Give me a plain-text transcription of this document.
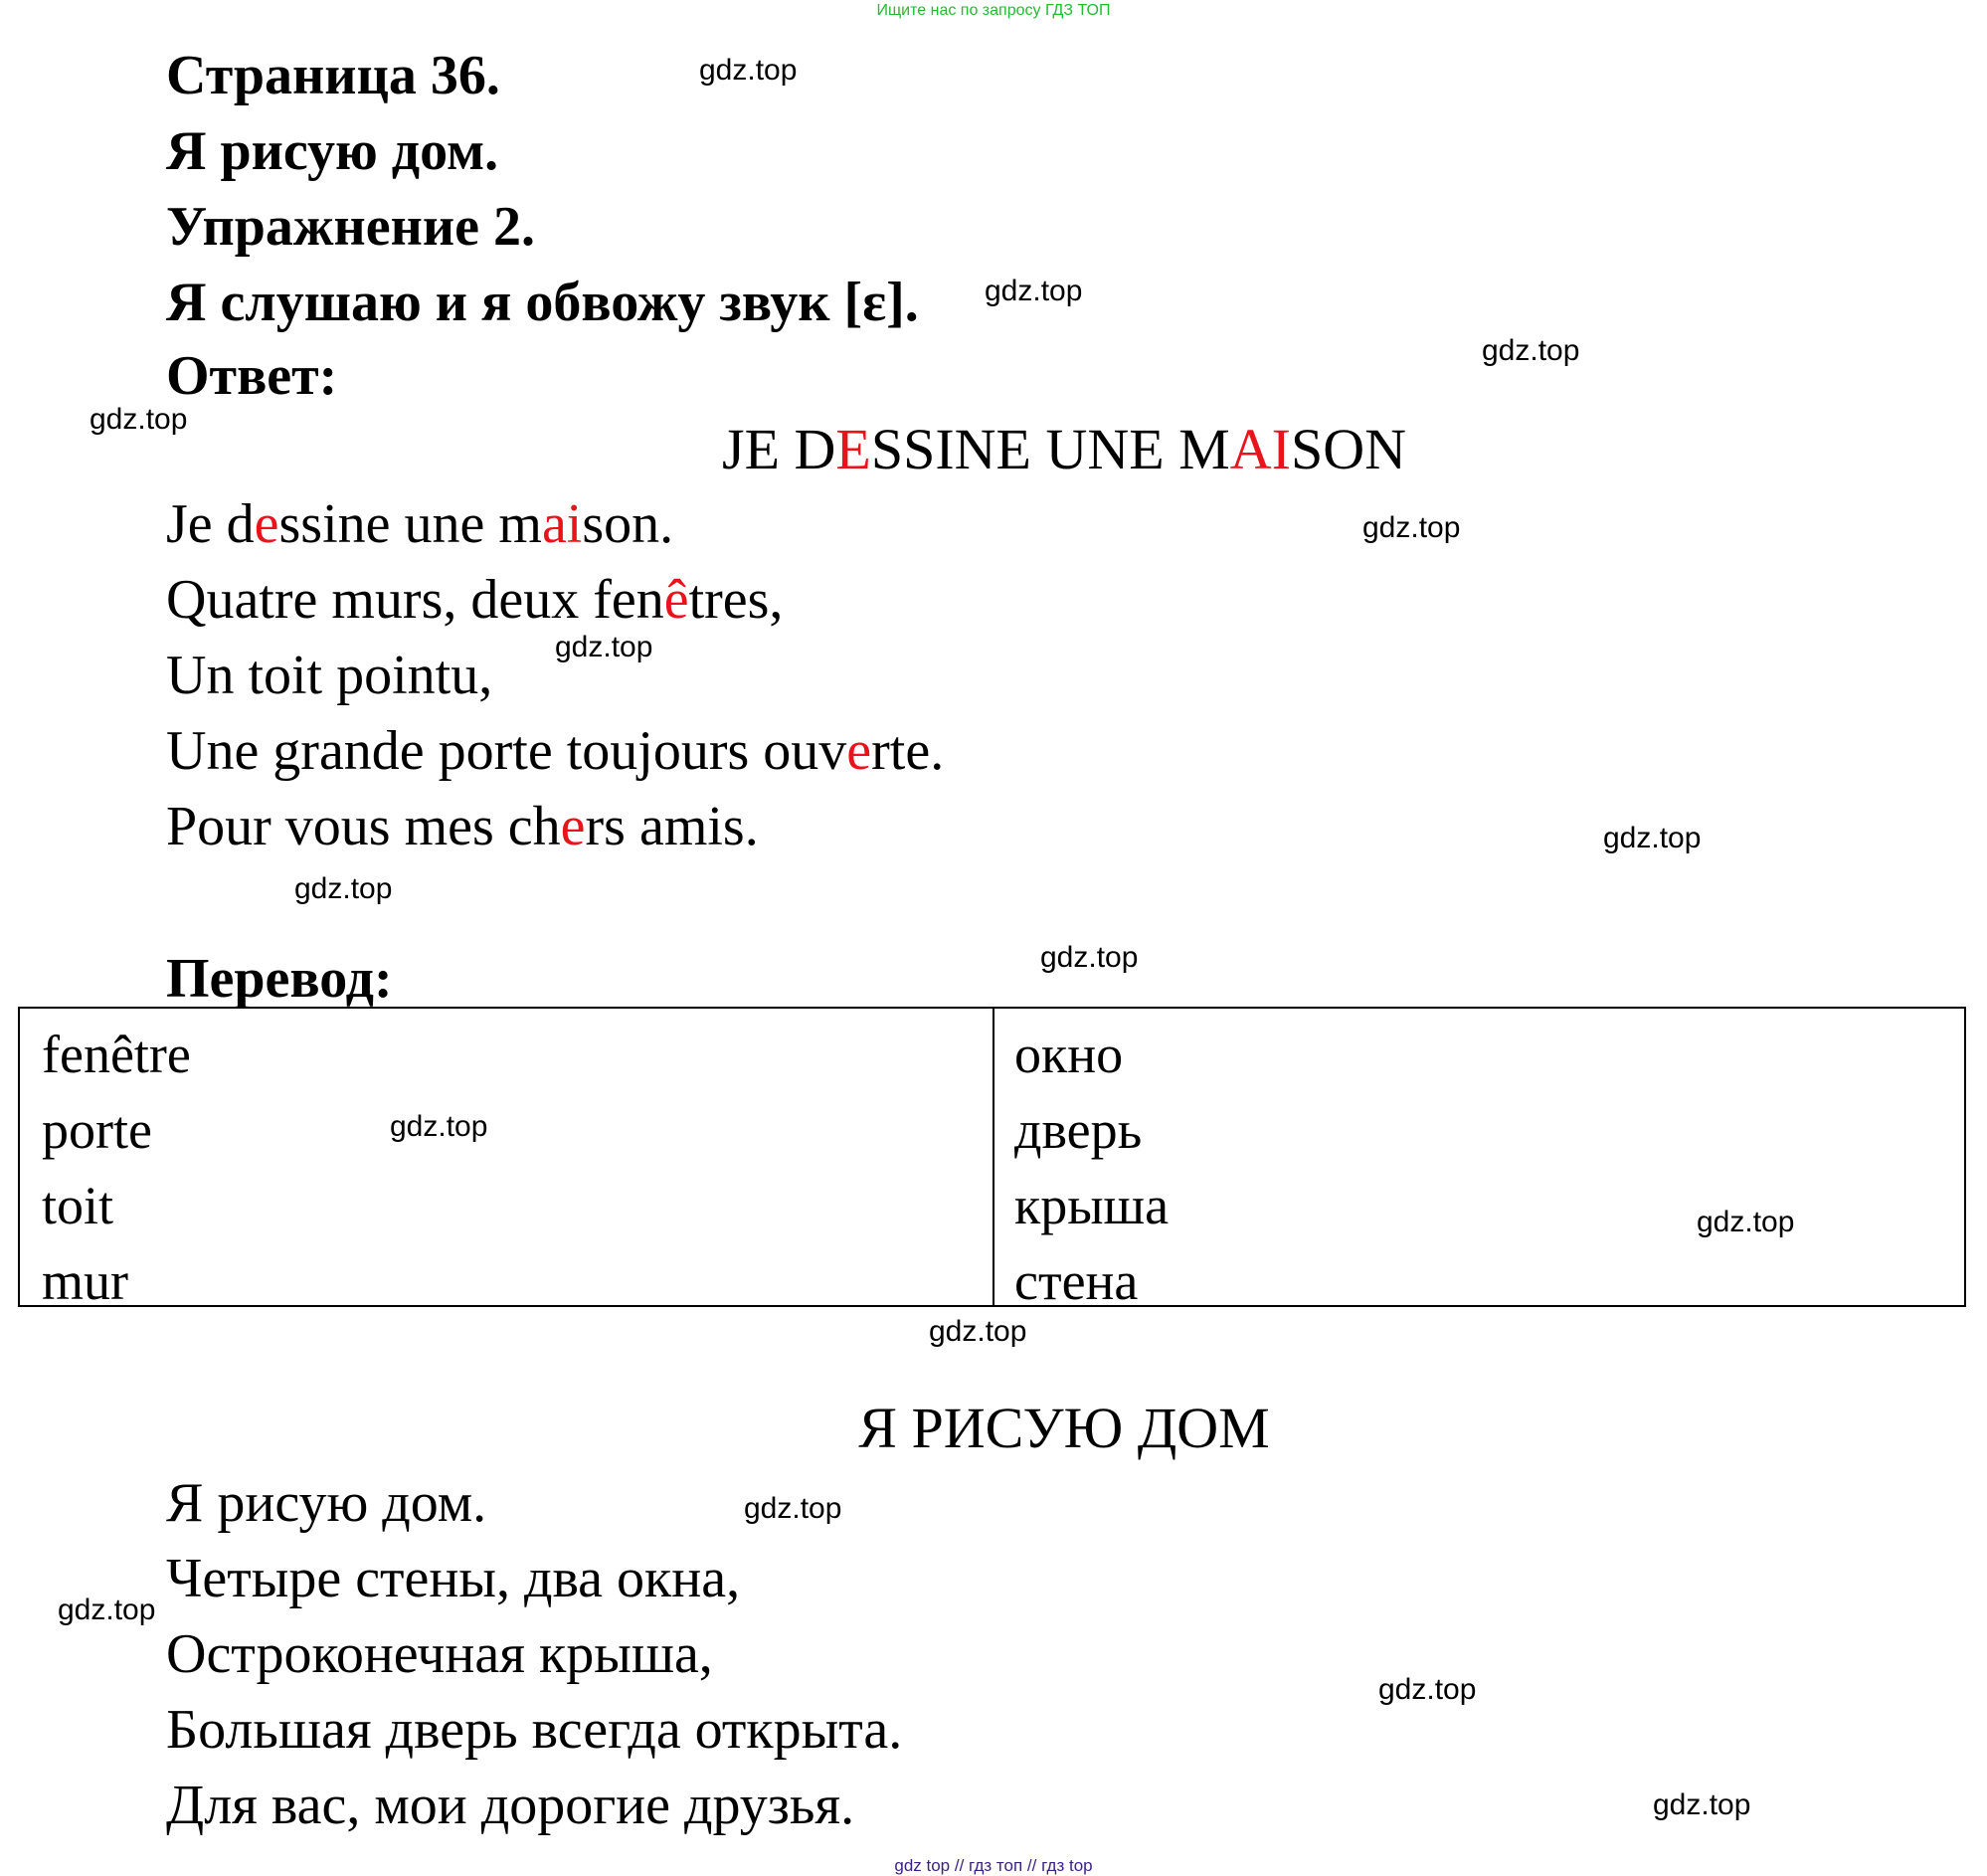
Ищите нас по запросу ГДЗ ТОП
Страница 36.
Я рисую дом.
Упражнение 2.
Я слушаю и я обвожу звук [ɛ].
Ответ:
JE DESSINE UNE MAISON
Je dessine une maison.
Quatre murs, deux fenêtres,
Un toit pointu,
Une grande porte toujours ouverte.
Pour vous mes chers amis.
Перевод:
fenêtre
porte
toit
mur
окно
дверь
крыша
стена
Я РИСУЮ ДОМ
Я рисую дом.
Четыре стены, два окна,
Остроконечная крыша,
Большая дверь всегда открыта.
Для вас, мои дорогие друзья.
gdz.top
gdz.top
gdz.top
gdz.top
gdz.top
gdz.top
gdz.top
gdz.top
gdz.top
gdz.top
gdz.top
gdz.top
gdz.top
gdz.top
gdz.top
gdz.top
gdz top // гдз топ // гдз top
